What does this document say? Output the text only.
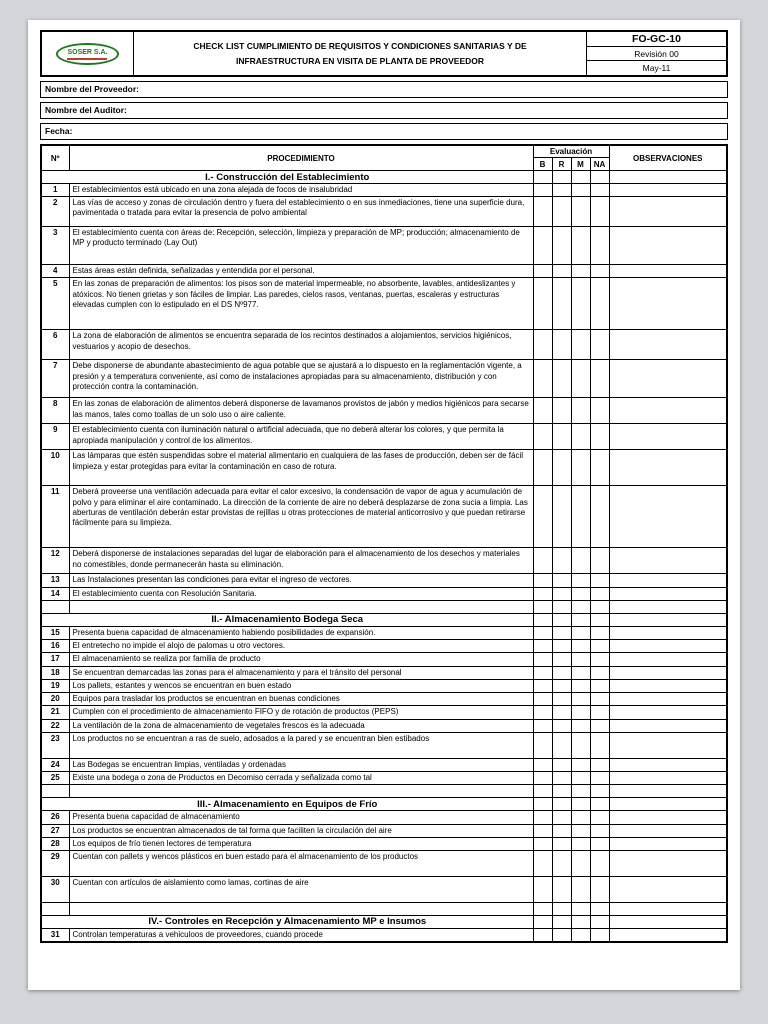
SOSER S.A.
CHECK LIST CUMPLIMIENTO DE REQUISITOS Y CONDICIONES SANITARIAS Y DE
INFRAESTRUCTURA EN VISITA DE PLANTA DE PROVEEDOR
FO-GC-10
Revisión 00
May-11
Nombre del Proveedor:
Nombre del Auditor:
Fecha:
Nº	PROCEDIMIENTO	Evaluación				OBSERVACIONES
		B	R	M	NA	
I.- Construcción del Establecimiento						
1	El establecimientos está ubicado en una zona alejada de focos de insalubridad					
2	Las vías de acceso y zonas de circulación dentro y fuera del establecimiento o en sus inmediaciones, tiene una superficie dura, pavimentada o tratada para evitar la presencia de polvo ambiental					
3	El establecimiento cuenta con áreas de: Recepción, selección, limpieza y preparación de MP; producción; almacenamiento de MP y producto terminado (Lay Out)					
4	Estas áreas están definida, señalizadas y entendida por el personal.					
5	En las zonas de preparación de alimentos: los pisos son de material impermeable, no absorbente, lavables, antideslizantes y atóxicos. No tienen grietas y son fáciles de limpiar. Las paredes, cielos rasos, ventanas, puertas, escaleras y estructuras elevadas cumplen con lo estipulado en el DS Nº977.					
6	La zona de elaboración de alimentos se encuentra separada de los recintos destinados a alojamientos, servicios higiénicos, vestuarios y acopio de desechos.					
7	Debe disponerse de abundante abastecimiento de agua potable que se ajustará a lo dispuesto en la reglamentación vigente, a presión y a temperatura conveniente, así como de instalaciones apropiadas para su almacenamiento, distribución y con protección contra la contaminación.					
8	En las zonas de elaboración de alimentos deberá disponerse de lavamanos provistos de jabón y medios higiénicos para secarse las manos, tales como toallas de un solo uso o aire caliente.					
9	El establecimiento cuenta con iluminación natural o artificial adecuada, que no deberá alterar los colores, y que permita la apropiada manipulación y control de los alimentos.					
10	Las lámparas que estén suspendidas sobre el material alimentario en cualquiera de las fases de producción, deben ser de fácil limpieza y estar protegidas para evitar la contaminación en caso de rotura.					
11	Deberá proveerse una ventilación adecuada para evitar el calor excesivo, la condensación de vapor de agua y acumulación de polvo y para eliminar el aire contaminado. La dirección de la corriente de aire no deberá desplazarse de zona sucia a limpia. Las aberturas de ventilación deberán estar provistas de rejillas u otras protecciones de material anticorrosivo y que puedan retirarse fácilmente para su limpieza.					
12	Deberá disponerse de instalaciones separadas del lugar de elaboración para el almacenamiento de los desechos y materiales no comestibles, donde permanecerán hasta su eliminación.					
13	Las Instalaciones presentan las condiciones para evitar el ingreso de vectores.					
14	El establecimiento cuenta con Resolución Sanitaria.					

II.- Almacenamiento Bodega Seca						
15	Presenta buena capacidad de almacenamiento habiendo posibilidades de expansión.					
16	El entretecho no impide el alojo de palomas u otro vectores.					
17	El almacenamiento se realiza por familia de producto					
18	Se encuentran demarcadas las zonas para el almacenamiento y para el tránsito del personal					
19	Los pallets, estantes y wencos se encuentran en buen estado					
20	Equipos para trasladar los productos se encuentran en buenas condiciones					
21	Cumplen con el procedimiento de almacenamiento FIFO y de rotación de productos (PEPS)					
22	La ventilación de la zona de almacenamiento de vegetales frescos es la adecuada					
23	Los productos no se encuentran a ras de suelo, adosados a la pared y se encuentran bien estibados					
24	Las Bodegas se encuentran limpias, ventiladas y ordenadas					
25	Existe una bodega o zona de Productos en Decomiso cerrada y señalizada como tal					

III.- Almacenamiento en Equipos de Frío						
26	Presenta buena capacidad de almacenamiento					
27	Los productos se encuentran almacenados de tal forma que faciliten la circulación del aire					
28	Los equipos de frío tienen lectores de temperatura					
29	Cuentan con pallets y wencos plásticos en buen estado para el almacenamiento de los productos					
30	Cuentan con artículos de aislamiento como lamas, cortinas de aire					

IV.- Controles en Recepción y Almacenamiento MP e Insumos						
31	Controlan temperaturas a vehiculoos de proveedores, cuando procede					
